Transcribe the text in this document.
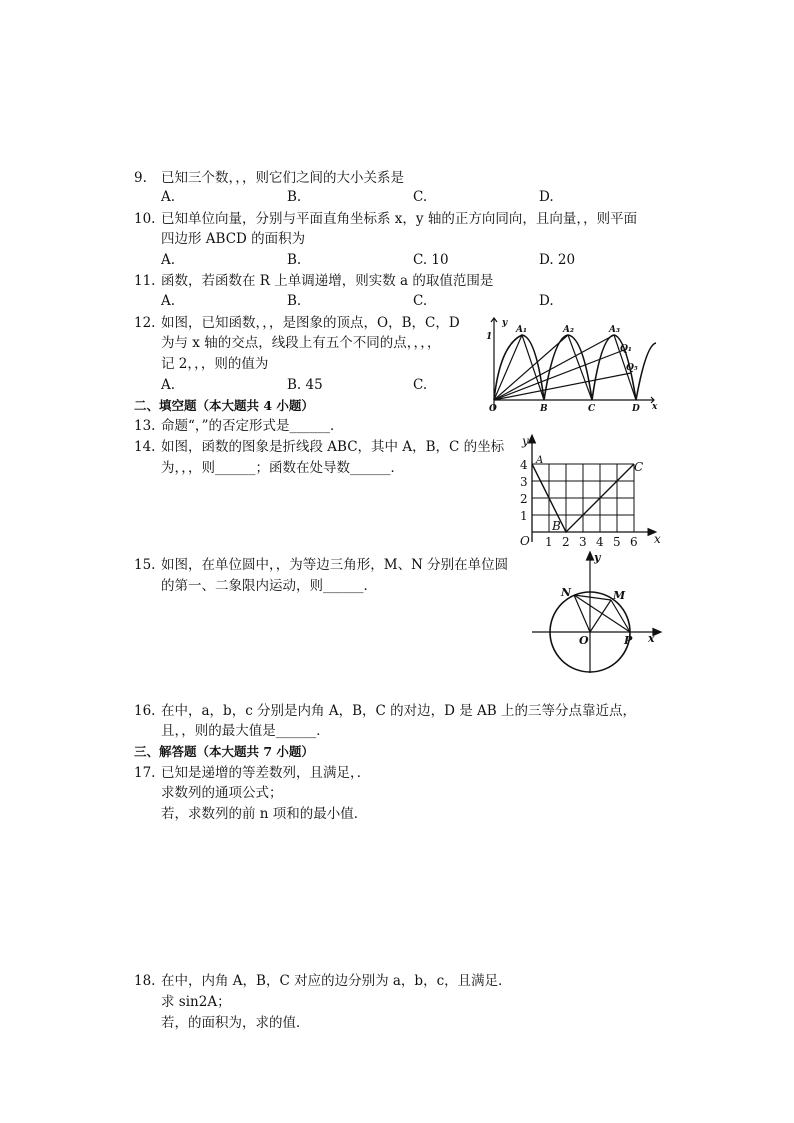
9. 已知三个数，，，则它们之间的大小关系是
A.	B.	C.	D.
10. 已知单位向量，分别与平面直角坐标系 x，y 轴的正方向同向，且向量，，则平面
四边形 ABCD 的面积为
A.	B.	C. 10	D. 20
11. 函数，若函数在 R 上单调递增，则实数 a 的取值范围是
A.	B.	C.	D.
12. 如图，已知函数，，，是图象的顶点，O，B，C，D
为与 x 轴的交点，线段上有五个不同的点，，，，
记 2，，，则的值为
A.	B. 45	C.
y
1
A₁	A₂	A₃
Q₁
Q₅
O	B	C	D x
二、填空题（本大题共 4 小题）
13. 命题“，”的否定形式是______．
14. 如图，函数的图象是折线段 ABC，其中 A，B，C 的坐标
为，，，则______；函数在处导数______．	4
3
2
1
1 2 3 4 5 6
y
x
O
A
B
C
15. 如图，在单位圆中，，为等边三角形，M、N 分别在单位圆
的第一、二象限内运动，则______．
y
N	M
O	P x
16. 在中，a，b，c 分别是内角 A，B，C 的对边，D 是 AB 上的三等分点靠近点，
且，，则的最大值是______．
三、解答题（本大题共 7 小题）
17. 已知是递增的等差数列，且满足，．
求数列的通项公式；
若，求数列的前 n 项和的最小值．
18. 在中，内角 A，B，C 对应的边分别为 a，b，c，且满足．
求 sin2A；
若，的面积为，求的值．
